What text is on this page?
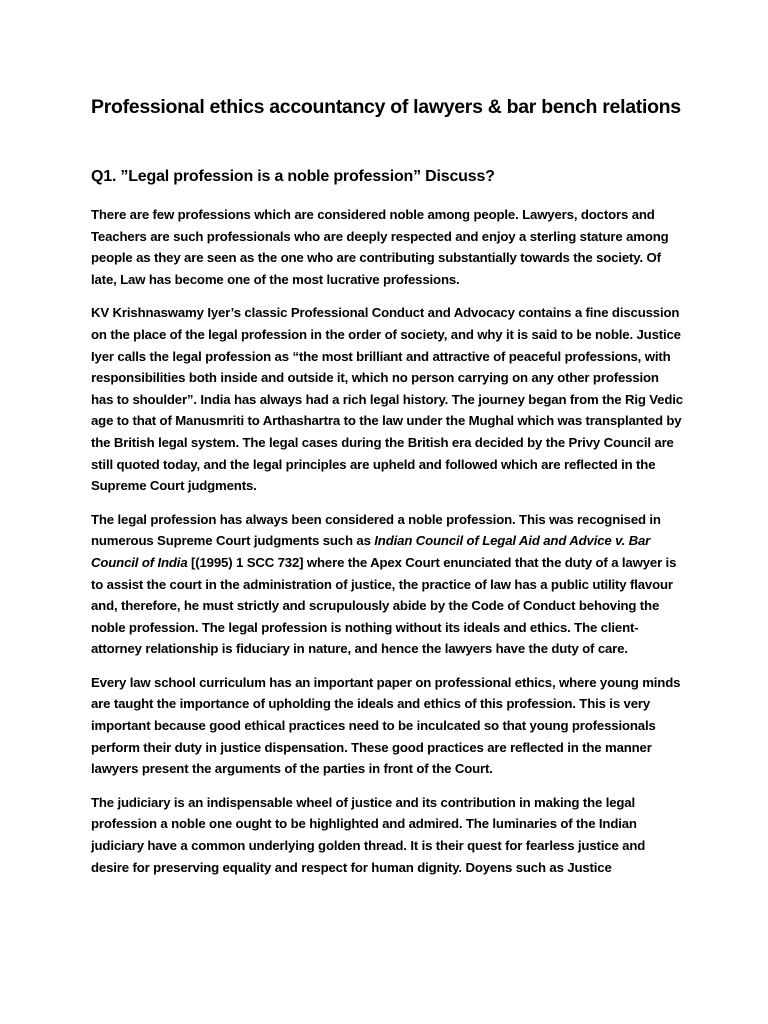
Professional ethics accountancy of lawyers & bar bench relations
Q1. ”Legal profession is a noble profession” Discuss?

There are few professions which are considered noble among people. Lawyers, doctors and Teachers are such professionals who are deeply respected and enjoy a sterling stature among people as they are seen as the one who are contributing substantially towards the society. Of late, Law has become one of the most lucrative professions.

KV Krishnaswamy Iyer’s classic Professional Conduct and Advocacy contains a fine discussion on the place of the legal profession in the order of society, and why it is said to be noble. Justice Iyer calls the legal profession as “the most brilliant and attractive of peaceful professions, with responsibilities both inside and outside it, which no person carrying on any other profession has to shoulder”. India has always had a rich legal history. The journey began from the Rig Vedic age to that of Manusmriti to Arthashartra to the law under the Mughal which was transplanted by the British legal system. The legal cases during the British era decided by the Privy Council are still quoted today, and the legal principles are upheld and followed which are reflected in the Supreme Court judgments.

The legal profession has always been considered a noble profession. This was recognised in numerous Supreme Court judgments such as Indian Council of Legal Aid and Advice v. Bar Council of India [(1995) 1 SCC 732] where the Apex Court enunciated that the duty of a lawyer is to assist the court in the administration of justice, the practice of law has a public utility flavour and, therefore, he must strictly and scrupulously abide by the Code of Conduct behoving the noble profession. The legal profession is nothing without its ideals and ethics. The client-attorney relationship is fiduciary in nature, and hence the lawyers have the duty of care.

Every law school curriculum has an important paper on professional ethics, where young minds are taught the importance of upholding the ideals and ethics of this profession. This is very important because good ethical practices need to be inculcated so that young professionals perform their duty in justice dispensation. These good practices are reflected in the manner lawyers present the arguments of the parties in front of the Court.

The judiciary is an indispensable wheel of justice and its contribution in making the legal profession a noble one ought to be highlighted and admired. The luminaries of the Indian judiciary have a common underlying golden thread. It is their quest for fearless justice and desire for preserving equality and respect for human dignity. Doyens such as Justice
